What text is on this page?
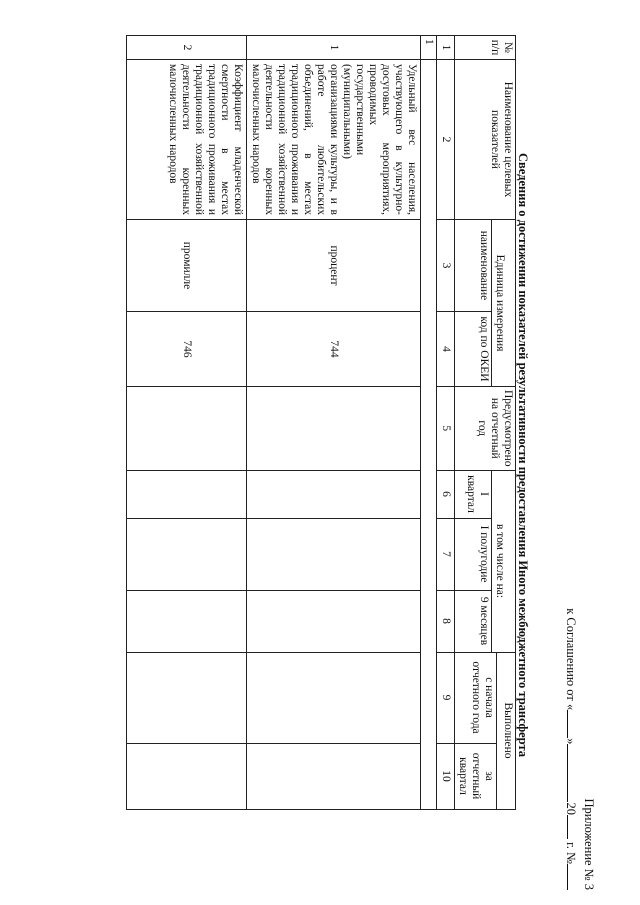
Приложение № 3
к Соглашению от «»20 г. №
Сведения о достижении показателей результативности предоставления Иного межбюджетного трансферта
№ п/п	Наименование целевых показателей	Единица измерения		Предусмотрено на отчетный год	в том числе на:			Выполнено	
								с начала отчетного года	за отчетный квартал
		наименование	код по ОКЕИ		I квартал	I полугодие	9 месяцев		
1	2	3	4	5	6	7	8	9	10
1									
1	Удельный вес населения, участвующего в культурно-досуговых мероприятиях, проводимых государственными (муниципальными) организациями культуры, и в работе любительских объединений, в местах традиционного проживания и традиционной хозяйственной деятельности коренных малочисленных народов	процент	744						
2	Коэффициент младенческой смертности в местах традиционного проживания и традиционной хозяйственной деятельности коренных малочисленных народов	промилле	746						
